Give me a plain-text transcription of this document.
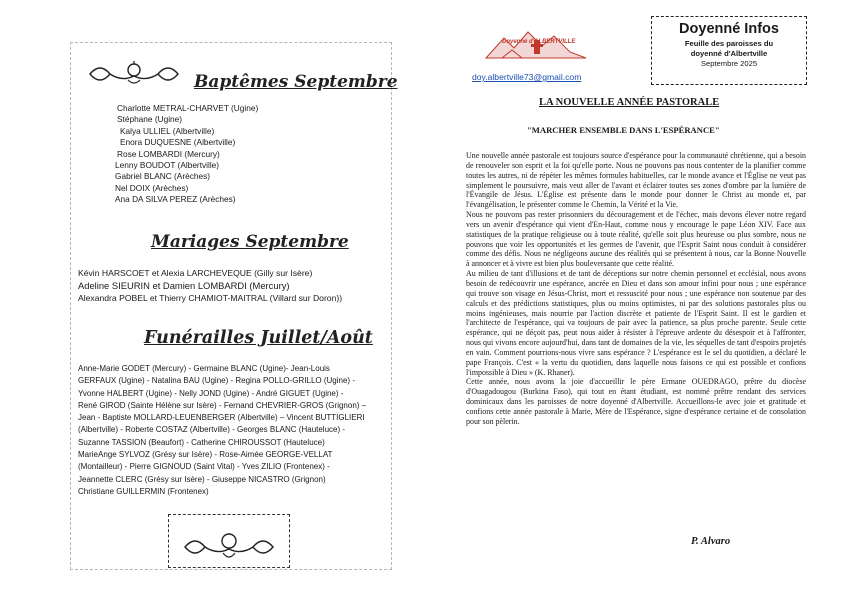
Baptêmes Septembre
Charlotte METRAL-CHARVET (Ugine)
Stéphane (Ugine)
Kalya ULLIEL (Albertville)
Enora DUQUESNE (Albertville)
Rose LOMBARDI (Mercury)
Lenny BOUDOT (Albertville)
Gabriel BLANC (Arèches)
Nel DOIX (Arèches)
Ana DA SILVA PEREZ (Arèches)
Mariages Septembre
Kévin HARSCOET et Alexia LARCHEVEQUE (Gilly sur Isère)
Adeline SIEURIN et Damien LOMBARDI (Mercury)
Alexandra POBEL et Thierry CHAMIOT-MAITRAL (Villard sur Doron))
Funérailles Juillet/Août
Anne-Marie GODET (Mercury) - Germaine BLANC (Ugine)- Jean-Louis
GERFAUX (Ugine) - Natalina BAU (Ugine) - Regina POLLO-GRILLO (Ugine) -
Yvonne HALBERT (Ugine) - Nelly JOND (Ugine) - André GIGUET (Ugine) -
René GIROD (Sainte Hélène sur Isère) - Fernand CHEVRIER-GROS (Grignon) –
Jean - Baptiste MOLLARD-LEUENBERGER (Albertville) – Vincent BUTTIGLIERI
(Albertville) - Roberte COSTAZ (Albertville) - Georges BLANC (Hauteluce) -
Suzanne TASSION (Beaufort) - Catherine CHIROUSSOT (Hauteluce)
MarieAnge SYLVOZ (Grésy sur Isère) - Rose-Aimée GEORGE-VELLAT
(Montailleur) - Pierre GIGNOUD (Saint Vital) - Yves ZILIO (Frontenex) -
Jeannette CLERC (Grésy sur Isère) - Giuseppe NICASTRO (Grignon)
Christiane GUILLERMIN (Frontenex)
Doyenné d'ALBERTVILLE
doy.albertville73@gmail.com
Doyenné Infos
Feuille des paroisses du
doyenné d'Albertville
Septembre 2025
LA NOUVELLE ANNÉE PASTORALE
"MARCHER ENSEMBLE DANS L'ESPÉRANCE"

Une nouvelle année pastorale est toujours source d'espérance pour la communauté chrétienne, qui a besoin de renouveler son esprit et la foi qu'elle porte. Nous ne pouvons pas nous contenter de la planifier comme toutes les autres, ni de répéter les mêmes formules habituelles, car le monde avance et l'Église ne veut pas simplement le poursuivre, mais veut aller de l'avant et éclairer toutes ses zones d'ombre par la lumière de l'Évangile de Jésus. L'Église est présente dans le monde pour donner le Christ au monde et, par l'évangélisation, le présenter comme le Chemin, la Vérité et la Vie.

Nous ne pouvons pas rester prisonniers du découragement et de l'échec, mais devons élever notre regard vers un avenir d'espérance qui vient d'En-Haut, comme nous y encourage le pape Léon XIV. Face aux statistiques de la pratique religieuse ou à toute réalité, qu'elle soit plus heureuse ou plus sombre, nous ne pouvons que voir les opportunités et les germes de l'avenir, que l'Esprit Saint nous conduit à considérer comme des défis. Nous ne négligeons aucune des réalités qui se présentent à nous, car la Bonne Nouvelle à annoncer et à vivre est bien plus bouleversante que cette réalité.

Au milieu de tant d'illusions et de tant de déceptions sur notre chemin personnel et ecclésial, nous avons besoin de redécouvrir une espérance, ancrée en Dieu et dans son amour infini pour nous ; une espérance qui trouve son visage en Jésus-Christ, mort et ressuscité pour nous ; une espérance non soutenue par des calculs et des prédictions statistiques, plus ou moins optimistes, ni par des solutions pastorales plus ou moins ingénieuses, mais nourrie par l'action discrète et patiente de l'Esprit Saint. Il est le gardien et l'architecte de l'espérance, qui va toujours de pair avec la patience, sa plus proche parente. Seule cette espérance, qui ne déçoit pas, peut nous aider à résister à l'épreuve ardente du désespoir et à l'affronter, nous qui vivons encore aujourd'hui, dans tant de domaines de la vie, les séquelles de tant d'espoirs projetés en vain. Comment pourrions-nous vivre sans espérance ? L'espérance est le sel du quotidien, a déclaré le pape François. C'est « la vertu du quotidien, dans laquelle nous faisons ce qui est possible et confions l'impossible à Dieu » (K. Rhaner).

Cette année, nous avons la joie d'accueillir le père Ermane OUEDRAGO, prêtre du diocèse d'Ouagadougou (Burkina Faso), qui tout en étant étudiant, est nommé prêtre rendant des services dominicaux dans les paroisses de notre doyenné d'Albertville. Accueillons-le avec joie et gratitude et confions cette année pastorale à Marie, Mère de l'Espérance, signe d'espérance certaine et de consolation pour son pèlerin.

P. Alvaro
